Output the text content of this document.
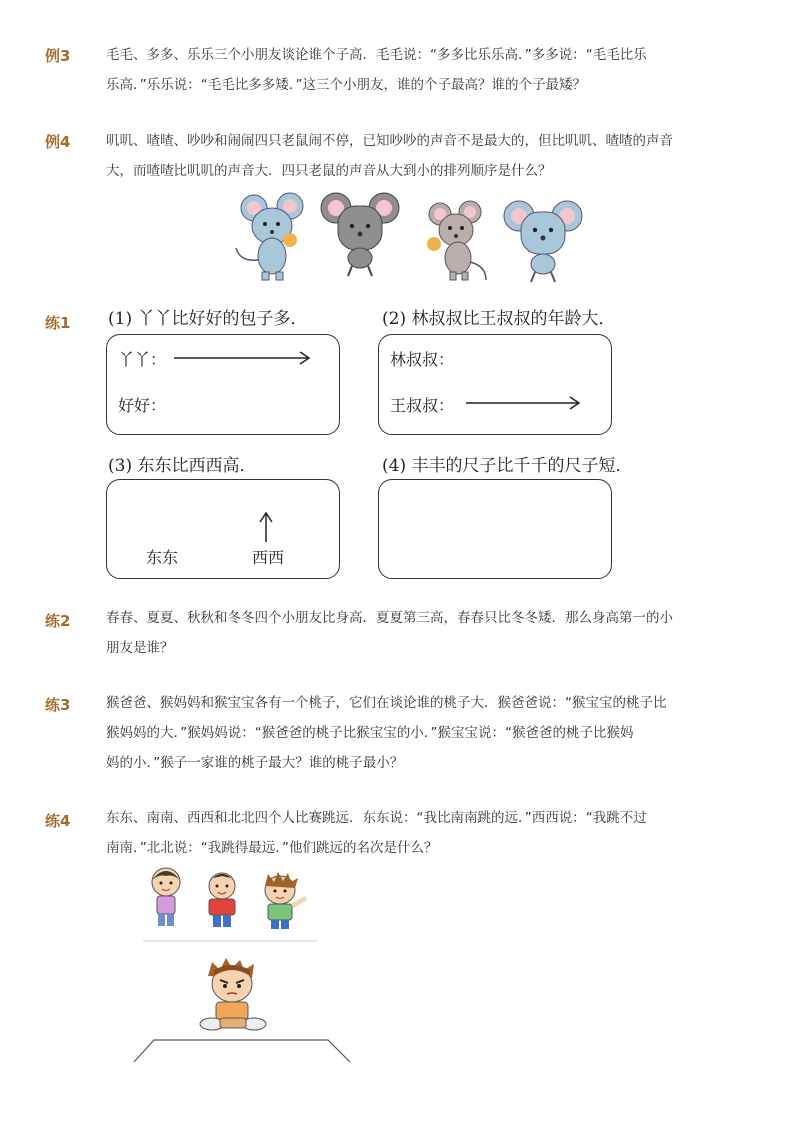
例3	毛毛、多多、乐乐三个小朋友谈论谁个子高．毛毛说：“多多比乐乐高．”多多说：“毛毛比乐
乐高．”乐乐说：“毛毛比多多矮．”这三个小朋友，谁的个子最高？谁的个子最矮？
例4	叽叽、喳喳、吵吵和闹闹四只老鼠闹不停，已知吵吵的声音不是最大的，但比叽叽、喳喳的声音
大，而喳喳比叽叽的声音大．四只老鼠的声音从大到小的排列顺序是什么？
练1 (1) 丫丫比好好的包子多．	(2) 林叔叔比王叔叔的年龄大．
丫丫：
好好：
林叔叔：
王叔叔：
(3) 东东比西西高．	(4) 丰丰的尺子比千千的尺子短．
东东	西西
练2	春春、夏夏、秋秋和冬冬四个小朋友比身高．夏夏第三高，春春只比冬冬矮．那么身高第一的小
朋友是谁？
练3	猴爸爸、猴妈妈和猴宝宝各有一个桃子，它们在谈论谁的桃子大．猴爸爸说：“猴宝宝的桃子比
猴妈妈的大．”猴妈妈说：“猴爸爸的桃子比猴宝宝的小．”猴宝宝说：“猴爸爸的桃子比猴妈
妈的小．”猴子一家谁的桃子最大？谁的桃子最小？
练4	东东、南南、西西和北北四个人比赛跳远．东东说：“我比南南跳的远．”西西说：“我跳不过
南南．”北北说：“我跳得最远．”他们跳远的名次是什么？
